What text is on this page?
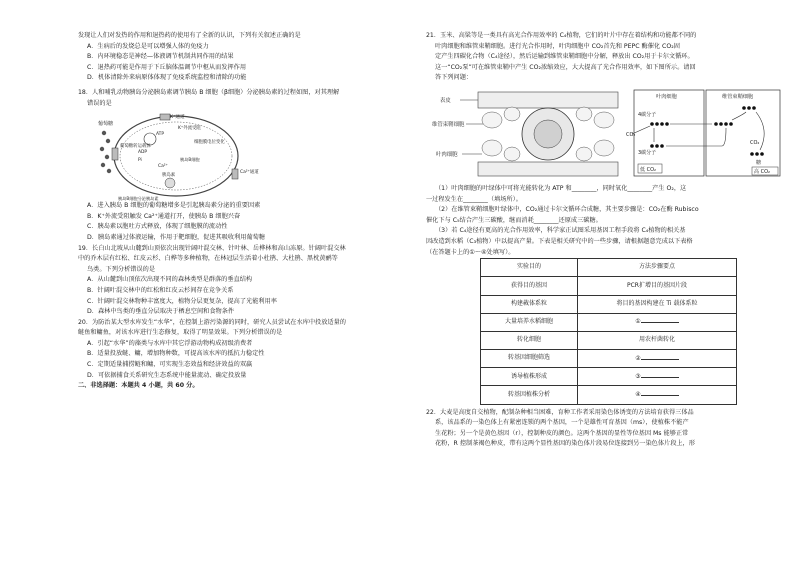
发现让人们对发热的作用和退热药的使用有了全新的认识，下列有关叙述正确的是
A．生病后的发烧总是可以增强人体的免疫力
B．内环境稳态是神经—体液调节机制共同作用的结果
C．退热药可能是作用于下丘脑体温调节中枢从而发挥作用
D．机体清除外来病原体体现了免疫系统监控和清除的功能
18．人和哺乳动物胰岛分泌胰岛素调节胰岛 B 细胞（β细胞）分泌胰岛素的过程如图，对其理解
错误的是
葡萄糖
葡萄糖转运载体
K⁺通道
ATP
ADP
Pi
K⁺外流受阻
细胞膜电位变化
Ca²⁺
胰岛素
Ca²⁺通道
胰岛B细胞
胰岛B细胞分泌胰岛素
A．进入胰岛 B 细胞的葡萄糖增多是引起胰岛素分泌的重要因素
B．K⁺外流受阻触发 Ca²⁺通道打开，使胰岛 B 细胞兴奋
C．胰岛素以胞吐方式释放，体现了细胞膜的流动性
D．胰岛素通过体液运输，作用于靶细胞，促进其吸收利用葡萄糖
19．长白山北坡从山麓到山顶依次出现针阔叶混交林、针叶林、岳桦林和高山冻原。针阔叶混交林
中的乔木层有红松、红皮云杉、白桦等多种植物，在林冠层生活着小杜鹃、大杜鹃、黑枕黄鹂等
鸟类。下列分析错误的是
A．从山麓到山顶依次出现不同的森林类型是群落的垂直结构
B．针阔叶混交林中的红松和红皮云杉间存在竞争关系
C．针阔叶混交林物种丰富度大，植物分层更复杂，提高了光能利用率
D．森林中鸟类的垂直分层取决于栖息空间和食物条件
20．为防治某大型水库发生“水华”，在控制上游污染源的同时，研究人员尝试在水库中投放适量的
鲢鱼和鳙鱼，对该水库进行生态修复，取得了明显效果。下列分析错误的是
A．引起“水华”的藻类与水库中其它浮游动物构成初级消费者
B．适量投放鲢、鳙，增加物种数，可提高该水库的抵抗力稳定性
C．定期适量捕捞鲢和鳙，可实现生态效益和经济效益的双赢
D．可依据捕食关系研究生态系统中能量流动、确定投放量
二、非选择题：本题共 4 小题，共 60 分。
21．玉米、高粱等是一类具有高光合作用效率的 C₄植物，它们的叶片中存在着结构和功能都不同的
叶肉细胞和维管束鞘细胞。进行光合作用时，叶肉细胞中 CO₂首先和 PEPC 酶催化 CO₂固
定产生四碳化合物（C₄途径），然后运输到维管束鞘细胞中分解，释放出 CO₂用于卡尔文循环。
这一“CO₂泵”可在维管束鞘中产生 CO₂浓缩效应，大大提高了光合作用效率，如下图所示。请回
答下列问题：
表皮
维管束鞘细胞
叶肉细胞
叶肉细胞	维管束鞘细胞
4碳分子
3碳分子
CO₂
CO₂
糖
低 CO₂	高 CO₂
（1）叶肉细胞的叶绿体中可将光能转化为 ATP 和________，同时氧化________产生 O₂，这
一过程发生在________（填场所）。
（2）在维管束鞘细胞叶绿体中，CO₂通过卡尔文循环合成糖，其主要步骤是：CO₂在酶 Rubisco
催化下与 C₅结合产生三碳酸，继而消耗________还原成三碳糖。
（3）若 C₄途径有更高的光合作用效率，科学家正试图采用基因工程手段将 C₄植物的相关基
因改造到水稻（C₃植物）中以提高产量。下表是相关研究中的一些步骤，请根据题意完成以下表格
（在答题卡上的①～④处填写）。
实验目的	方法步骤要点
获得目的基因	PCR扩增目的基因片段
构建載体系粒	将目的基因构建在 Ti 载体系粒
大量培养水稻细胞	①
转化细胞	用农杆菌转化
转基因细胞筛选	②
诱导植株形成	③
转基因植株分析	④
22．大麦是高度自交植物，配制杂种相当困难，育种工作者采用染色体诱变的方法培育获得三体品
系，该品系的一染色体上有紧密连锁的两个基因，一个是雄性可育基因（ms），使植株不能产
生花粉；另一个是黄色基因（r），控制种皮的颜色。这两个基因的显性等位基因 Ms 能够正常
花粉，R 控制茶褐色种皮，带有这两个显性基因的染色体片段易位连接到另一染色体片段上，形
